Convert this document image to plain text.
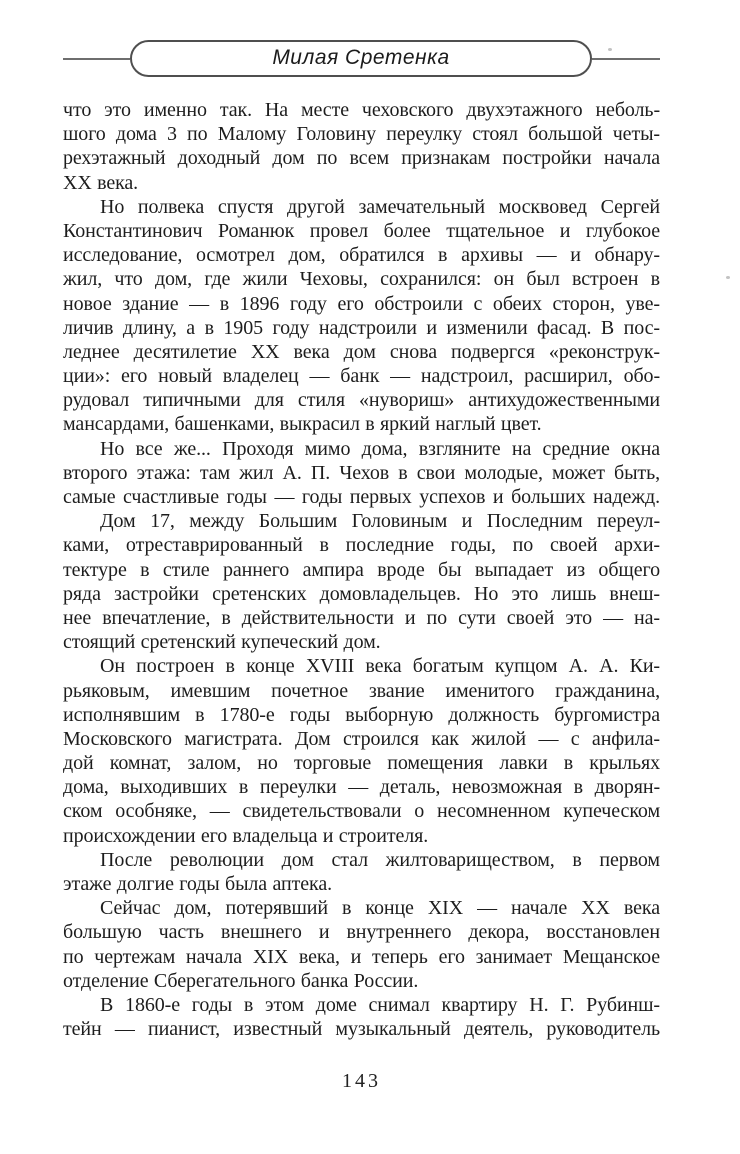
Милая Сретенка
что это именно так. На месте чеховского двухэтажного неболь-
шого дома 3 по Малому Головину переулку стоял большой четы-
рехэтажный доходный дом по всем признакам постройки начала
XX века.
Но полвека спустя другой замечательный москвовед Сергей
Константинович Романюк провел более тщательное и глубокое
исследование, осмотрел дом, обратился в архивы — и обнару-
жил, что дом, где жили Чеховы, сохранился: он был встроен в
новое здание — в 1896 году его обстроили с обеих сторон, уве-
личив длину, а в 1905 году надстроили и изменили фасад. В пос-
леднее десятилетие XX века дом снова подвергся «реконструк-
ции»: его новый владелец — банк — надстроил, расширил, обо-
рудовал типичными для стиля «нувориш» антихудожественными
мансардами, башенками, выкрасил в яркий наглый цвет.
Но все же... Проходя мимо дома, взгляните на средние окна
второго этажа: там жил А. П. Чехов в свои молодые, может быть,
самые счастливые годы — годы первых успехов и больших надежд.
Дом 17, между Большим Головиным и Последним переул-
ками, отреставрированный в последние годы, по своей архи-
тектуре в стиле раннего ампира вроде бы выпадает из общего
ряда застройки сретенских домовладельцев. Но это лишь внеш-
нее впечатление, в действительности и по сути своей это — на-
стоящий сретенский купеческий дом.
Он построен в конце XVIII века богатым купцом А. А. Ки-
рьяковым, имевшим почетное звание именитого гражданина,
исполнявшим в 1780-е годы выборную должность бургомистра
Московского магистрата. Дом строился как жилой — с анфила-
дой комнат, залом, но торговые помещения лавки в крыльях
дома, выходивших в переулки — деталь, невозможная в дворян-
ском особняке, — свидетельствовали о несомненном купеческом
происхождении его владельца и строителя.
После революции дом стал жилтовариществом, в первом
этаже долгие годы была аптека.
Сейчас дом, потерявший в конце XIX — начале XX века
большую часть внешнего и внутреннего декора, восстановлен
по чертежам начала XIX века, и теперь его занимает Мещанское
отделение Сберегательного банка России.
В 1860-е годы в этом доме снимал квартиру Н. Г. Рубинш-
тейн — пианист, известный музыкальный деятель, руководитель
143
